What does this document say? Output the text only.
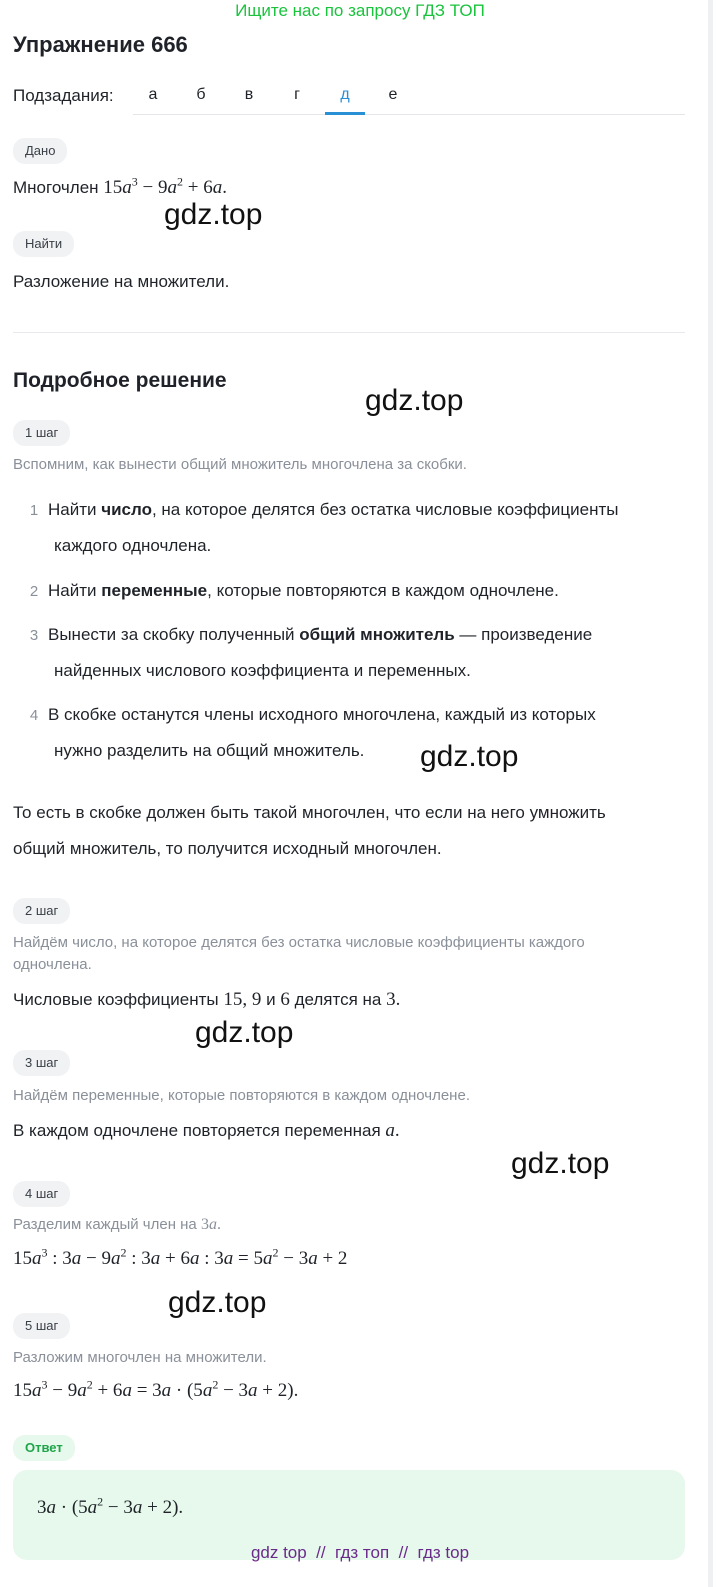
Ищите нас по запросу ГДЗ ТОП
Упражнение 666
Подзадания:	а	б	в	г	д	е
Дано
Многочлен $15a^3 - 9a^2 + 6a$.
gdz.top
Найти
Разложение на множители.
Подробное решение
gdz.top
1 шаг
Вспомним, как вынести общий множитель многочлена за скобки.
1 Найти число, на которое делятся без остатка числовые коэффициенты
каждого одночлена.
2 Найти переменные, которые повторяются в каждом одночлене.
3 Вынести за скобку полученный общий множитель — произведение
найденных числового коэффициента и переменных.
4 В скобке останутся члены исходного многочлена, каждый из которых
нужно разделить на общий множитель. gdz.top
То есть в скобке должен быть такой многочлен, что если на него умножить
общий множитель, то получится исходный многочлен.
2 шаг
Найдём число, на которое делятся без остатка числовые коэффициенты каждого
одночлена.
Числовые коэффициенты 15, 9 и 6 делятся на 3.
gdz.top
3 шаг
Найдём переменные, которые повторяются в каждом одночлене.
В каждом одночлене повторяется переменная a.
gdz.top
4 шаг
Разделим каждый член на 3a.
$15a^3$ : $3a - 9a^2$ : 3a + 6a : $3a = 5a^2 - 3a + 2$
gdz.top
5 шаг
Разложим многочлен на множители.
$15a^3 - 9a^2 + 6a = 3a \cdot (5a^2 - 3a + 2)$.
Ответ
$3a \cdot (5a^2 - 3a + 2)$.
gdz top  //  гдз топ  //  гдз top
